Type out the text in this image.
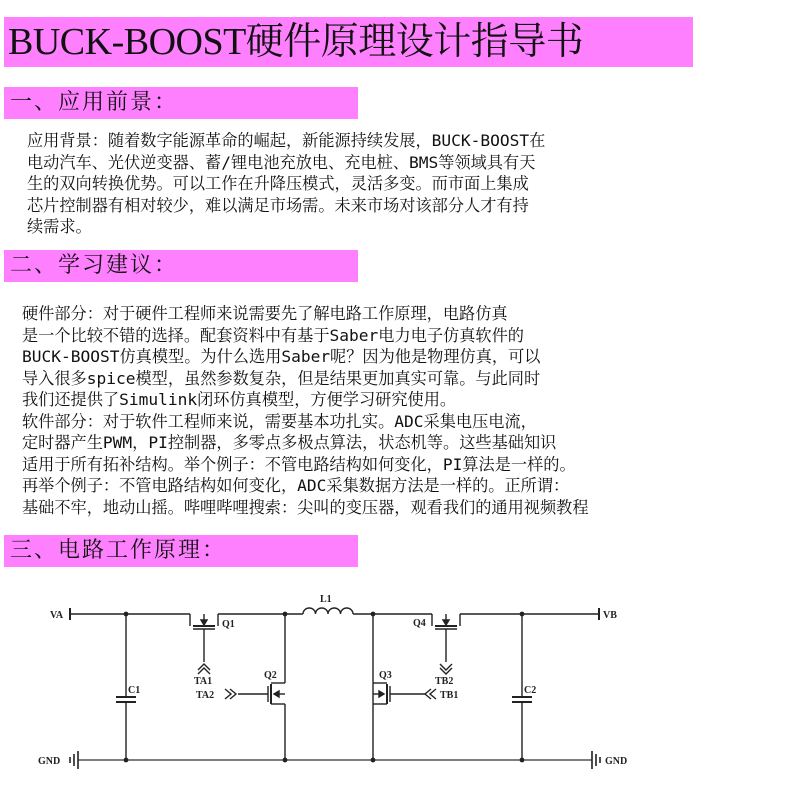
BUCK-BOOST硬件原理设计指导书
一、应用前景：
应用背景：随着数字能源革命的崛起，新能源持续发展，BUCK-BOOST在
电动汽车、光伏逆变器、蓄/锂电池充放电、充电桩、BMS等领域具有天
生的双向转换优势。可以工作在升降压模式，灵活多变。而市面上集成
芯片控制器有相对较少，难以满足市场需。未来市场对该部分人才有持
续需求。
二、学习建议：
硬件部分：对于硬件工程师来说需要先了解电路工作原理，电路仿真
是一个比较不错的选择。配套资料中有基于Saber电力电子仿真软件的
BUCK-BOOST仿真模型。为什么选用Saber呢？因为他是物理仿真，可以
导入很多spice模型，虽然参数复杂，但是结果更加真实可靠。与此同时
我们还提供了Simulink闭环仿真模型，方便学习研究使用。
软件部分：对于软件工程师来说，需要基本功扎实。ADC采集电压电流，
定时器产生PWM，PI控制器，多零点多极点算法，状态机等。这些基础知识
适用于所有拓补结构。举个例子：不管电路结构如何变化，PI算法是一样的。
再举个例子：不管电路结构如何变化，ADC采集数据方法是一样的。正所谓：
基础不牢，地动山摇。哔哩哔哩搜索：尖叫的变压器，观看我们的通用视频教程
三、电路工作原理：
VA	VB
GND	GND
C1	C2
L1
Q1
Q2	Q3
Q4
TA1
TA2	TB1
TB2
